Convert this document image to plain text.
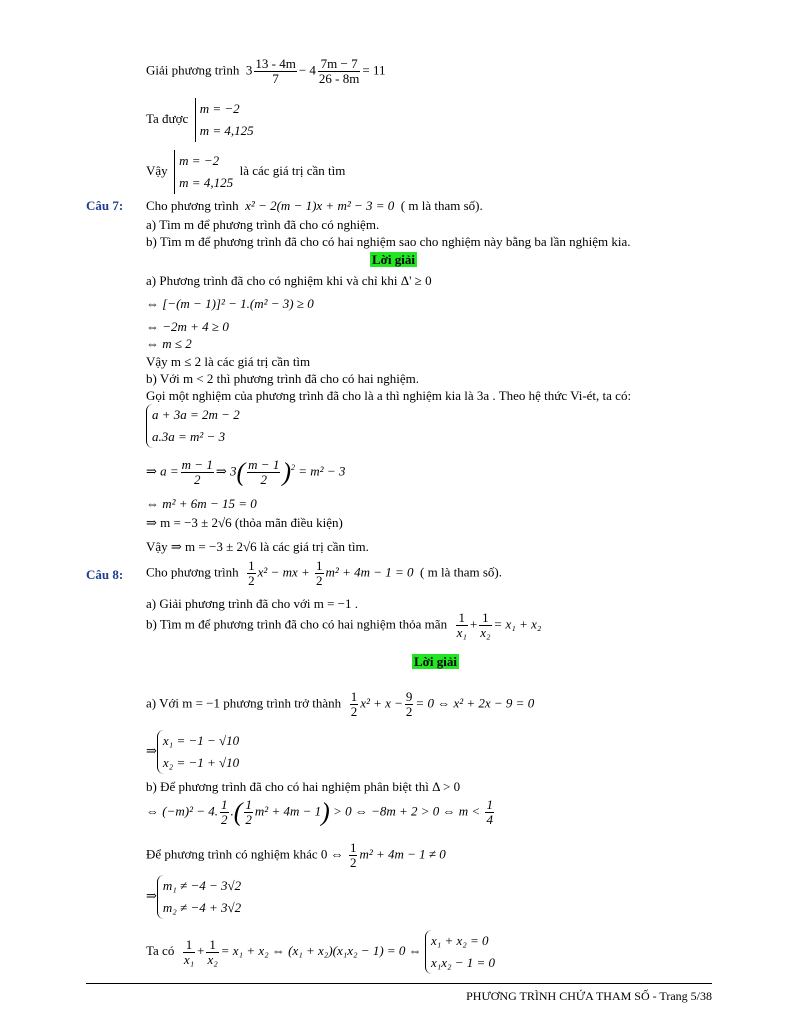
Giải phương trình $3 \frac{13 - 4m}{7} - 4 \frac{7m - 7}{26 - 8m} = 11$
Ta được
m = −2
m = 4,125
Vậy
m = −2
m = 4,125
là các giá trị cần tìm
Câu 7: Cho phương trình x² − 2(m − 1)x + m² − 3 = 0 ( m là tham số).
a) Tìm m để phương trình đã cho có nghiệm.
b) Tìm m để phương trình đã cho có hai nghiệm sao cho nghiệm này bằng ba lần nghiệm kia.
Lời giải
a) Phương trình đã cho có nghiệm khi và chỉ khi Δ' ≥ 0
⇔ [−(m − 1)]² − 1.(m² − 3) ≥ 0
⇔ −2m + 4 ≥ 0
⇔ m ≤ 2
Vậy m ≤ 2 là các giá trị cần tìm
b) Với m < 2 thì phương trình đã cho có hai nghiệm.
Gọi một nghiệm của phương trình đã cho là a thì nghiệm kia là 3a . Theo hệ thức Vi-ét, ta có:
a + 3a = 2m − 2
a.3a = m² − 3
⇒ $a = \frac{m - 1}{2}$ ⇒ $3( \frac{m - 1}{2} )^2 = m^2 - 3$
⇔ m² + 6m − 15 = 0
⇒ m = −3 ± 2√6 (thỏa mãn điều kiện)
Vậy ⇒ m = −3 ± 2√6 là các giá trị cần tìm.
Câu 8: Cho phương trình $\frac{1}{2} x^2$ − mx + $\frac{1}{2} m^2 + 4m - 1 = 0$ ( m là tham số).
a) Giải phương trình đã cho với m = −1 .
b) Tìm m để phương trình đã cho có hai nghiệm thỏa mãn $\frac{1}{\text{x₁}} + \frac{1}{\text{x₂}} = x_1 + x_2$
Lời giải
a) Với m = −1 phương trình trở thành $\frac{1}{2} x^2 + x - \frac{9}{2} = 0$ ⇔ x² + 2x − 9 = 0
⇒
x₁ = −1 − √10
x₂ = −1 + √10
b) Để phương trình đã cho có hai nghiệm phân biệt thì Δ > 0
⇔ (−m)² − 4. $\frac{1}{2}$ .( $\frac{1}{2} m^2 + 4m - 1) > 0$ ⇔ −8m + 2 > 0 ⇔ $m < \frac{1}{4}$
Để phương trình có nghiệm khác 0 ⇔ $\frac{1}{2} m^2 + 4m - 1 \ne 0$
⇒
m₁ ≠ −4 − 3√2
m₂ ≠ −4 + 3√2
Ta có $\frac{1}{\text{x₁}} + \frac{1}{\text{x₂}} = x_1 + x_2$ ⇔ (x₁ + x₂)(x₁x₂ − 1) = 0 ⇔
x₁ + x₂ = 0
x₁x₂ − 1 = 0
PHƯƠNG TRÌNH CHỨA THAM SỐ - Trang 5/38
